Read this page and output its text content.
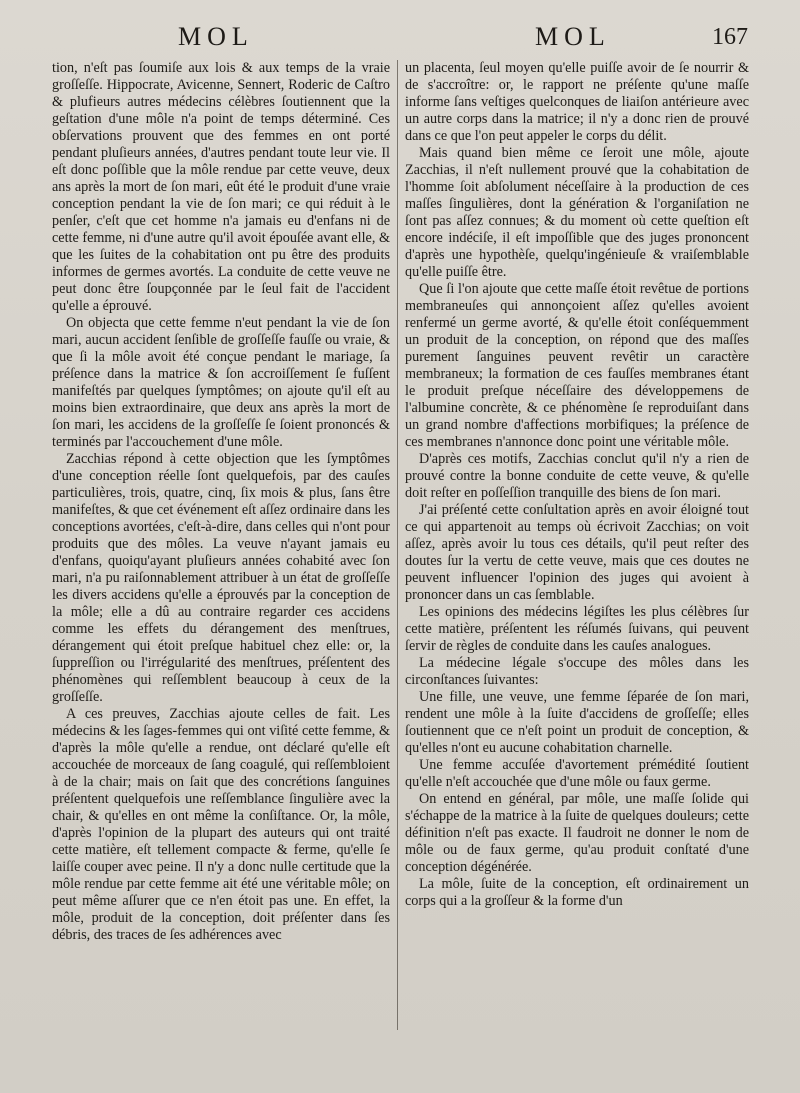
MOL	MOL	167

tion, n'eſt pas ſoumiſe aux lois & aux temps de la vraie groſſeſſe. Hippocrate, Avicenne, Sennert, Roderic de Caſtro & plufieurs autres médecins célèbres ſoutiennent que la geſtation d'une môle n'a point de temps déterminé. Ces obſervations prouvent que des femmes en ont porté pendant pluſieurs années, d'autres pendant toute leur vie. Il eſt donc poſſible que la môle rendue par cette veuve, deux ans après la mort de ſon mari, eût été le produit d'une vraie conception pendant la vie de ſon mari; ce qui réduit à le penſer, c'eſt que cet homme n'a jamais eu d'enfans ni de cette femme, ni d'une autre qu'il avoit épouſée avant elle, & que les ſuites de la cohabitation ont pu être des produits informes de germes avortés. La conduite de cette veuve ne peut donc être ſoupçonnée par le ſeul fait de l'accident qu'elle a éprouvé.

On objecta que cette femme n'eut pendant la vie de ſon mari, aucun accident ſenſible de groſſeſſe fauſſe ou vraie, & que ſi la môle avoit été conçue pendant le mariage, ſa préſence dans la matrice & ſon accroiſſement ſe fuſſent manifeſtés par quelques ſymptômes; on ajoute qu'il eſt au moins bien extraordinaire, que deux ans après la mort de ſon mari, les accidens de la groſſeſſe ſe ſoient prononcés & terminés par l'accouchement d'une môle.

Zacchias répond à cette objection que les ſymptômes d'une conception réelle ſont quelquefois, par des cauſes particulières, trois, quatre, cinq, ſix mois & plus, ſans être manifeſtes, & que cet événement eſt aſſez ordinaire dans les conceptions avortées, c'eſt-à-dire, dans celles qui n'ont pour produits que des môles. La veuve n'ayant jamais eu d'enfans, quoiqu'ayant pluſieurs années cohabité avec ſon mari, n'a pu raiſonnablement attribuer à un état de groſſeſſe les divers accidens qu'elle a éprouvés par la conception de la môle; elle a dû au contraire regarder ces accidens comme les effets du dérangement des menſtrues, dérangement qui étoit preſque habituel chez elle: or, la ſuppreſſion ou l'irrégularité des menſtrues, préſentent des phénomènes qui reſſemblent beaucoup à ceux de la groſſeſſe.

A ces preuves, Zacchias ajoute celles de fait. Les médecins & les ſages-femmes qui ont viſité cette femme, & d'après la môle qu'elle a rendue, ont déclaré qu'elle eſt accouchée de morceaux de ſang coagulé, qui reſſembloient à de la chair; mais on ſait que des concrétions ſanguines préſentent quelquefois une reſſemblance ſingulière avec la chair, & qu'elles en ont même la conſiſtance. Or, la môle, d'après l'opinion de la plupart des auteurs qui ont traité cette matière, eſt tellement compacte & ferme, qu'elle ſe laiſſe couper avec peine. Il n'y a donc nulle certitude que la môle rendue par cette femme ait été une véritable môle; on peut même aſſurer que ce n'en étoit pas une. En effet, la môle, produit de la conception, doit préſenter dans ſes débris, des traces de ſes adhérences avec

un placenta, ſeul moyen qu'elle puiſſe avoir de ſe nourrir & de s'accroître: or, le rapport ne préſente qu'une maſſe informe ſans veſtiges quelconques de liaiſon antérieure avec un autre corps dans la matrice; il n'y a donc rien de prouvé dans ce que l'on peut appeler le corps du délit.

Mais quand bien même ce ſeroit une môle, ajoute Zacchias, il n'eſt nullement prouvé que la cohabitation de l'homme ſoit abſolument néceſſaire à la production de ces maſſes ſingulières, dont la génération & l'organiſation ne ſont pas aſſez connues; & du moment où cette queſtion eſt encore indéciſe, il eſt impoſſible que des juges prononcent d'après une hypothèſe, quelqu'ingénieuſe & vraiſemblable qu'elle puiſſe être.

Que ſi l'on ajoute que cette maſſe étoit revêtue de portions membraneuſes qui annonçoient aſſez qu'elles avoient renfermé un germe avorté, & qu'elle étoit conſéquemment un produit de la conception, on répond que des maſſes purement ſanguines peuvent revêtir un caractère membraneux; la formation de ces fauſſes membranes étant le produit preſque néceſſaire des développemens de l'albumine concrète, & ce phénomène ſe reproduiſant dans un grand nombre d'affections morbifiques; la préſence de ces membranes n'annonce donc point une véritable môle.

D'après ces motifs, Zacchias conclut qu'il n'y a rien de prouvé contre la bonne conduite de cette veuve, & qu'elle doit reſter en poſſeſſion tranquille des biens de ſon mari.

J'ai préſenté cette conſultation après en avoir éloigné tout ce qui appartenoit au temps où écrivoit Zacchias; on voit aſſez, après avoir lu tous ces détails, qu'il peut reſter des doutes ſur la vertu de cette veuve, mais que ces doutes ne peuvent influencer l'opinion des juges qui avoient à prononcer dans un cas ſemblable.

Les opinions des médecins légiſtes les plus célèbres ſur cette matière, préſentent les réſumés ſuivans, qui peuvent ſervir de règles de conduite dans les cauſes analogues.

La médecine légale s'occupe des môles dans les circonſtances ſuivantes:

Une fille, une veuve, une femme ſéparée de ſon mari, rendent une môle à la ſuite d'accidens de groſſeſſe; elles ſoutiennent que ce n'eſt point un produit de conception, & qu'elles n'ont eu aucune cohabitation charnelle.

Une femme accuſée d'avortement prémédité ſoutient qu'elle n'eſt accouchée que d'une môle ou faux germe.

On entend en général, par môle, une maſſe ſolide qui s'échappe de la matrice à la ſuite de quelques douleurs; cette définition n'eſt pas exacte. Il faudroit ne donner le nom de môle ou de faux germe, qu'au produit conſtaté d'une conception dégénérée.

La môle, ſuite de la conception, eſt ordinairement un corps qui a la groſſeur & la forme d'un
